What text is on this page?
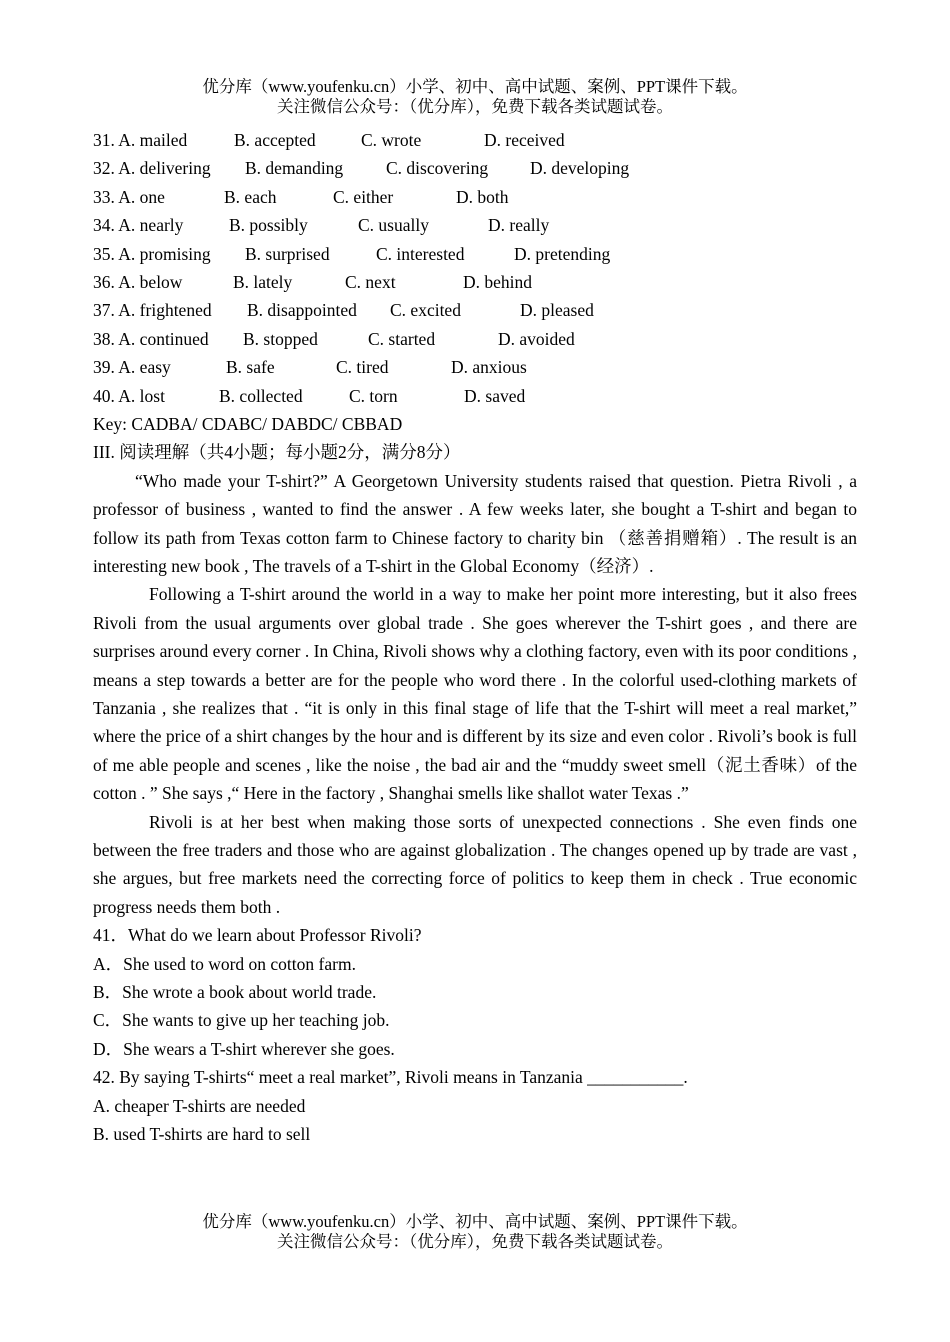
优分库（www.youfenku.cn）小学、初中、高中试题、案例、PPT课件下载。
关注微信公众号：（优分库），免费下载各类试题试卷。
31. A. mailed	B. accepted	C. wrote	D. received
32. A. delivering B. demanding C. discovering D. developing
33. A. one	B. each	C. either	D. both
34. A. nearly	B. possibly	C. usually	D. really
35. A. promising B. surprised	C. interested	D. pretending
36. A. below	B. lately	C. next	D. behind
37. A. frightened B. disappointed C. excited	D. pleased
38. A. continued B. stopped	C. started	D. avoided
39. A. easy	B. safe	C. tired	D. anxious
40. A. lost	B. collected	C. torn	D. saved
Key: CADBA/ CDABC/ DABDC/ CBBAD
III. 阅读理解（共4小题；每小题2分，满分8分）
“Who made your T-shirt?” A Georgetown University students raised that question. Pietra Rivoli , a professor of business , wanted to find the answer . A few weeks later, she bought a T-shirt and began to follow its path from Texas cotton farm to Chinese factory to charity bin （慈善捐赠箱）. The result is an interesting new book , The travels of a T-shirt in the Global Economy（经济）.
Following a T-shirt around the world in a way to make her point more interesting, but it also frees Rivoli from the usual arguments over global trade . She goes wherever the T-shirt goes , and there are surprises around every corner . In China, Rivoli shows why a clothing factory, even with its poor conditions , means a step towards a better are for the people who word there . In the colorful used-clothing markets of Tanzania , she realizes that . “it is only in this final stage of life that the T-shirt will meet a real market,” where the price of a shirt changes by the hour and is different by its size and even color . Rivoli’s book is full of me able people and scenes , like the noise , the bad air and the “muddy sweet smell（泥土香味）of the cotton . ” She says ,“ Here in the factory , Shanghai smells like shallot water Texas .”
Rivoli is at her best when making those sorts of unexpected connections . She even finds one between the free traders and those who are against globalization . The changes opened up by trade are vast , she argues, but free markets need the correcting force of politics to keep them in check . True economic progress needs them both .
41．What do we learn about Professor Rivoli?
A．She used to word on cotton farm.
B．She wrote a book about world trade.
C．She wants to give up her teaching job.
D．She wears a T-shirt wherever she goes.
42. By saying T-shirts“ meet a real market”, Rivoli means in Tanzania ___________.
A. cheaper T-shirts are needed
B. used T-shirts are hard to sell
优分库（www.youfenku.cn）小学、初中、高中试题、案例、PPT课件下载。
关注微信公众号：（优分库），免费下载各类试题试卷。
